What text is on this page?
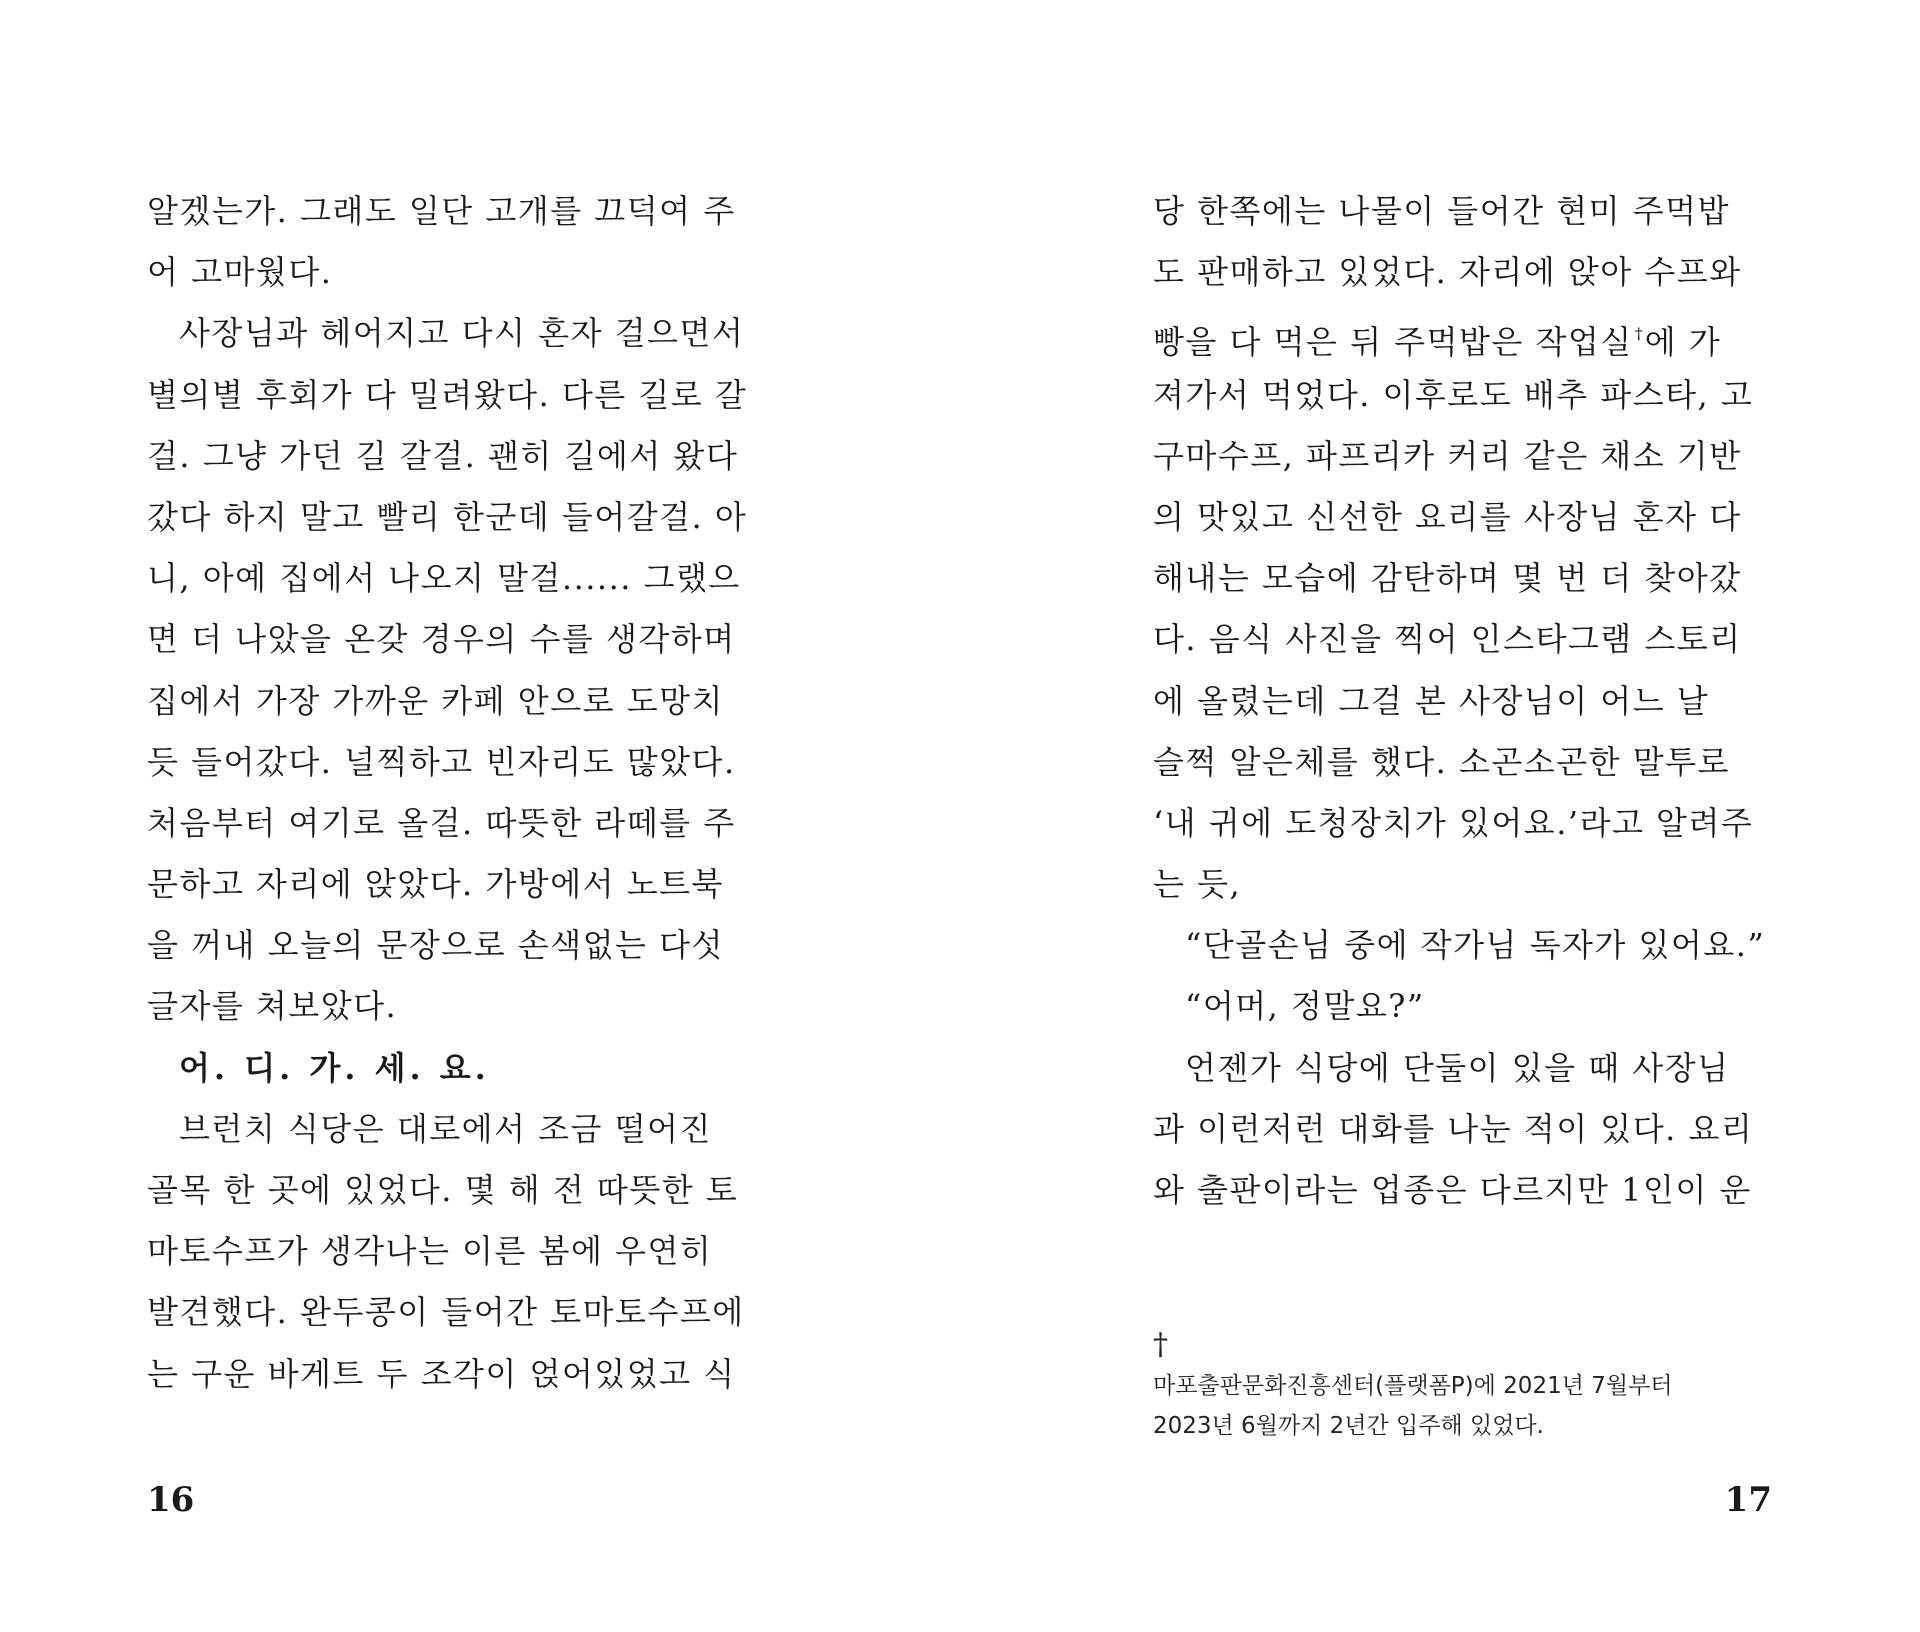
알겠는가. 그래도 일단 고개를 끄덕여 주
어 고마웠다.
사장님과 헤어지고 다시 혼자 걸으면서
별의별 후회가 다 밀려왔다. 다른 길로 갈
걸. 그냥 가던 길 갈걸. 괜히 길에서 왔다
갔다 하지 말고 빨리 한군데 들어갈걸. 아
니, 아예 집에서 나오지 말걸...... 그랬으
면 더 나았을 온갖 경우의 수를 생각하며
집에서 가장 가까운 카페 안으로 도망치
듯 들어갔다. 널찍하고 빈자리도 많았다.
처음부터 여기로 올걸. 따뜻한 라떼를 주
문하고 자리에 앉았다. 가방에서 노트북
을 꺼내 오늘의 문장으로 손색없는 다섯
글자를 쳐보았다.
어. 디. 가. 세. 요.
브런치 식당은 대로에서 조금 떨어진
골목 한 곳에 있었다. 몇 해 전 따뜻한 토
마토수프가 생각나는 이른 봄에 우연히
발견했다. 완두콩이 들어간 토마토수프에
는 구운 바게트 두 조각이 얹어있었고 식
16
당 한쪽에는 나물이 들어간 현미 주먹밥
도 판매하고 있었다. 자리에 앉아 수프와
빵을 다 먹은 뒤 주먹밥은 작업실 †에 가
져가서 먹었다. 이후로도 배추 파스타, 고
구마수프, 파프리카 커리 같은 채소 기반
의 맛있고 신선한 요리를 사장님 혼자 다
해내는 모습에 감탄하며 몇 번 더 찾아갔
다. 음식 사진을 찍어 인스타그램 스토리
에 올렸는데 그걸 본 사장님이 어느 날
슬쩍 알은체를 했다. 소곤소곤한 말투로
‘내 귀에 도청장치가 있어요.’라고 알려주
는 듯,
“단골손님 중에 작가님 독자가 있어요.”
“어머, 정말요?”
언젠가 식당에 단둘이 있을 때 사장님
과 이런저런 대화를 나눈 적이 있다. 요리
와 출판이라는 업종은 다르지만 1인이 운
†
마포출판문화진흥센터(플랫폼P)에 2021년 7월부터
2023년 6월까지 2년간 입주해 있었다.
17
